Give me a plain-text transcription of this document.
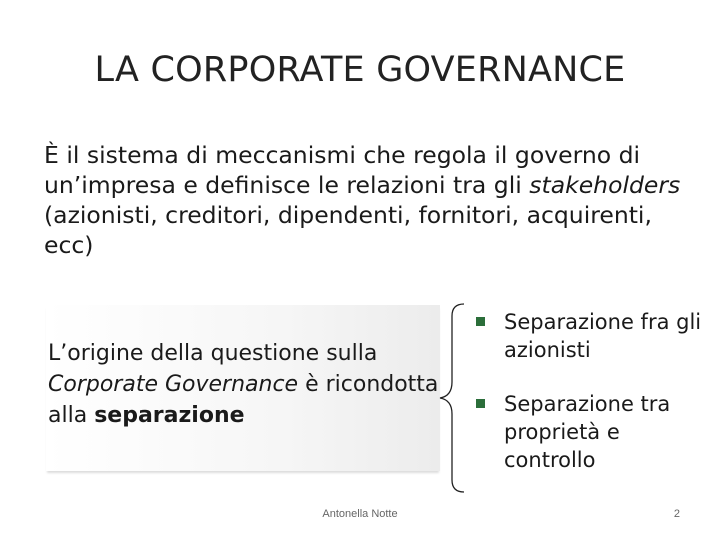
LA CORPORATE GOVERNANCE
È il sistema di meccanismi che regola il governo di un’impresa e definisce le relazioni tra gli stakeholders (azionisti, creditori, dipendenti, fornitori, acquirenti, ecc)
L’origine della questione sulla Corporate Governance è ricondotta alla separazione
Separazione fra gli azionisti
Separazione tra proprietà e controllo
Antonella Notte	2
